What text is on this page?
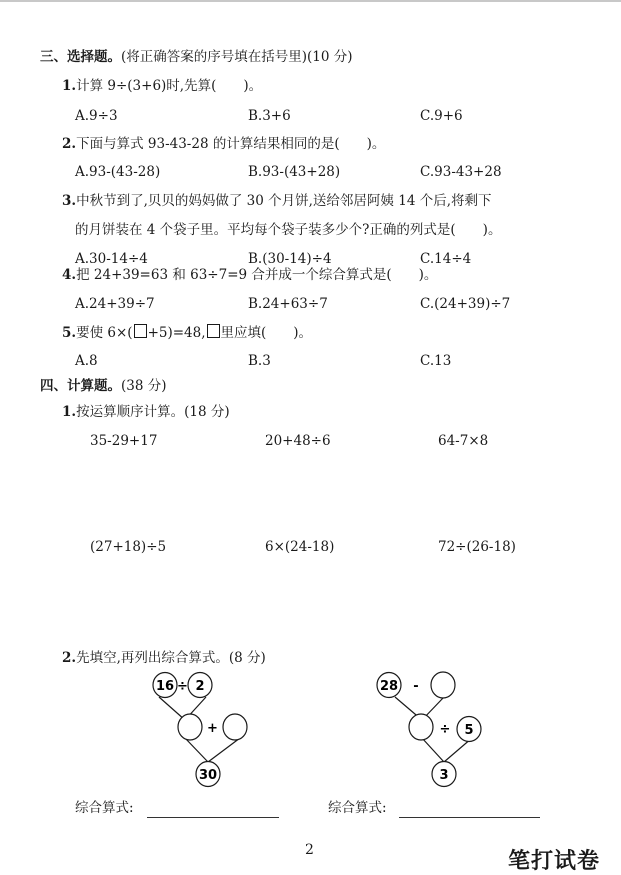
三、选择题。(将正确答案的序号填在括号里)(10 分)
1.计算 9÷(3+6)时,先算(　　)。
A.9÷3	B.3+6	C.9+6
2.下面与算式 93-43-28 的计算结果相同的是(　　)。
A.93-(43-28)	B.93-(43+28)	C.93-43+28
3.中秋节到了,贝贝的妈妈做了 30 个月饼,送给邻居阿姨 14 个后,将剩下
的月饼装在 4 个袋子里。平均每个袋子装多少个?正确的列式是(　　)。
A.30-14÷4	B.(30-14)÷4	C.14÷4
4.把 24+39=63 和 63÷7=9 合并成一个综合算式是(　　)。
A.24+39÷7	B.24+63÷7	C.(24+39)÷7
5.要使 6×( +5)=48, 里应填(　　)。
A.8	B.3	C.13
四、计算题。(38 分)
1.按运算顺序计算。(18 分)
35-29+17	20+48÷6	64-7×8
(27+18)÷5	6×(24-18)	72÷(26-18)
2.先填空,再列出综合算式。(8 分)
16 ÷ 2
+
30
28 -
÷ 5
3
综合算式:	综合算式:
2	笔打试卷
